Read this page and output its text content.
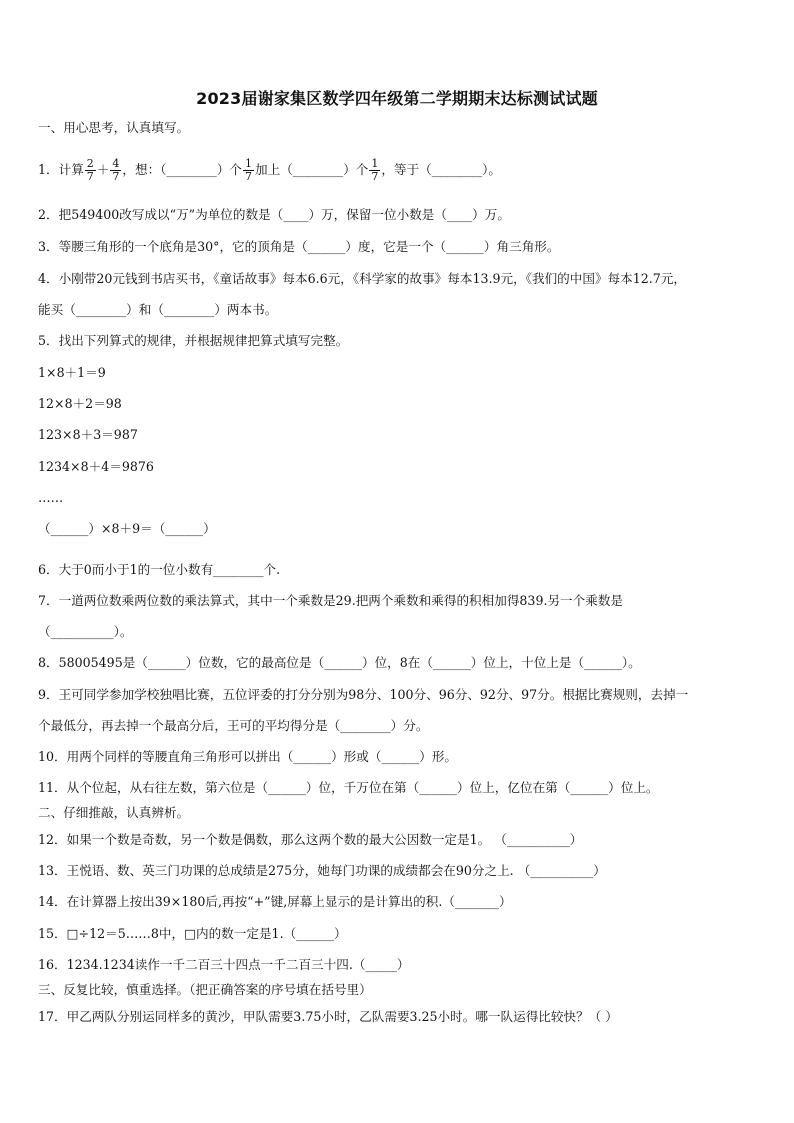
2023届谢家集区数学四年级第二学期期末达标测试试题
一、用心思考，认真填写。
1．计算 $\frac{2}{7} + \frac{4}{7}$ ，想：（________）个 $\frac{1}{7}$ 加上（________）个 $\frac{1}{7}$ ，等于（________）。
2．把549400改写成以“万”为单位的数是（____）万，保留一位小数是（____）万。
3．等腰三角形的一个底角是30°，它的顶角是（______）度，它是一个（______）角三角形。
4．小刚带20元钱到书店买书，《童话故事》每本6.6元，《科学家的故事》每本13.9元，《我们的中国》每本12.7元，
能买（________）和（________）两本书。
5．找出下列算式的规律，并根据规律把算式填写完整。
1×8＋1＝9
12×8＋2＝98
123×8＋3＝987
1234×8＋4＝9876
……
（______）×8＋9＝（______）
6．大于0而小于1的一位小数有________个.
7．一道两位数乘两位数的乘法算式，其中一个乘数是29.把两个乘数和乘得的积相加得839.另一个乘数是
（__________）。
8．58005495是（______）位数，它的最高位是（______）位，8在（______）位上，十位上是（______）。
9．王可同学参加学校独唱比赛，五位评委的打分分别为98分、100分、96分、92分、97分。根据比赛规则，去掉一
个最低分，再去掉一个最高分后，王可的平均得分是（________）分。
10．用两个同样的等腰直角三角形可以拼出（______）形或（______）形。
11．从个位起，从右往左数，第六位是（______）位，千万位在第（______）位上，亿位在第（______）位上。
二、仔细推敲，认真辨析。
12．如果一个数是奇数，另一个数是偶数，那么这两个数的最大公因数一定是1。 （__________）
13．王悦语、数、英三门功课的总成绩是275分，她每门功课的成绩都会在90分之上. （__________）
14．在计算器上按出39×180后,再按“+”键,屏幕上显示的是计算出的积.（_______）
15．□÷12＝5……8中，□内的数一定是1.（______）
16．1234.1234读作一千二百三十四点一千二百三十四.（_____）
三、反复比较，慎重选择。（把正确答案的序号填在括号里）
17．甲乙两队分别运同样多的黄沙，甲队需要3.75小时，乙队需要3.25小时。哪一队运得比较快？（ ）
